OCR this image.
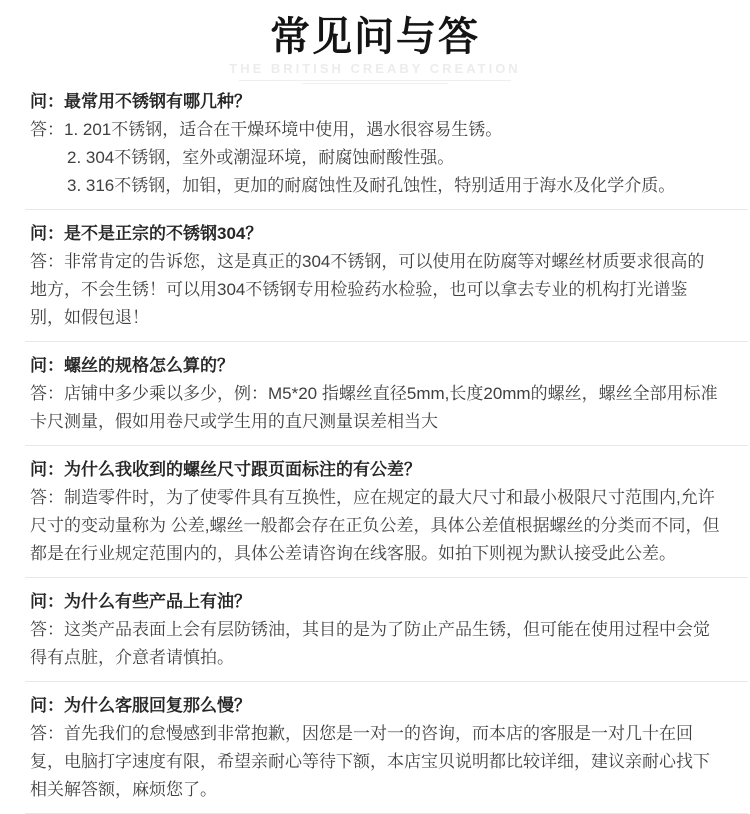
常见问与答
THE BRITISH CREABY CREATION

问：最常用不锈钢有哪几种？

答：1. 201不锈钢，适合在干燥环境中使用，遇水很容易生锈。

2. 304不锈钢，室外或潮湿环境，耐腐蚀耐酸性强。

3. 316不锈钢，加钼，更加的耐腐蚀性及耐孔蚀性，特别适用于海水及化学介质。

问：是不是正宗的不锈钢304？

答：非常肯定的告诉您，这是真正的304不锈钢，可以使用在防腐等对螺丝材质要求很高的地方，不会生锈！可以用304不锈钢专用检验药水检验，也可以拿去专业的机构打光谱鉴别，如假包退！

问：螺丝的规格怎么算的？

答：店铺中多少乘以多少，例：M5*20 指螺丝直径5mm,长度20mm的螺丝，螺丝全部用标准卡尺测量，假如用卷尺或学生用的直尺测量误差相当大

问：为什么我收到的螺丝尺寸跟页面标注的有公差？

答：制造零件时，为了使零件具有互换性，应在规定的最大尺寸和最小极限尺寸范围内,允许尺寸的变动量称为 公差,螺丝一般都会存在正负公差，具体公差值根据螺丝的分类而不同，但都是在行业规定范围内的，具体公差请咨询在线客服。如拍下则视为默认接受此公差。

问：为什么有些产品上有油？

答：这类产品表面上会有层防锈油，其目的是为了防止产品生锈，但可能在使用过程中会觉得有点脏，介意者请慎拍。

问：为什么客服回复那么慢？

答：首先我们的怠慢感到非常抱歉，因您是一对一的咨询，而本店的客服是一对几十在回复，电脑打字速度有限，希望亲耐心等待下额，本店宝贝说明都比较详细，建议亲耐心找下相关解答额，麻烦您了。
